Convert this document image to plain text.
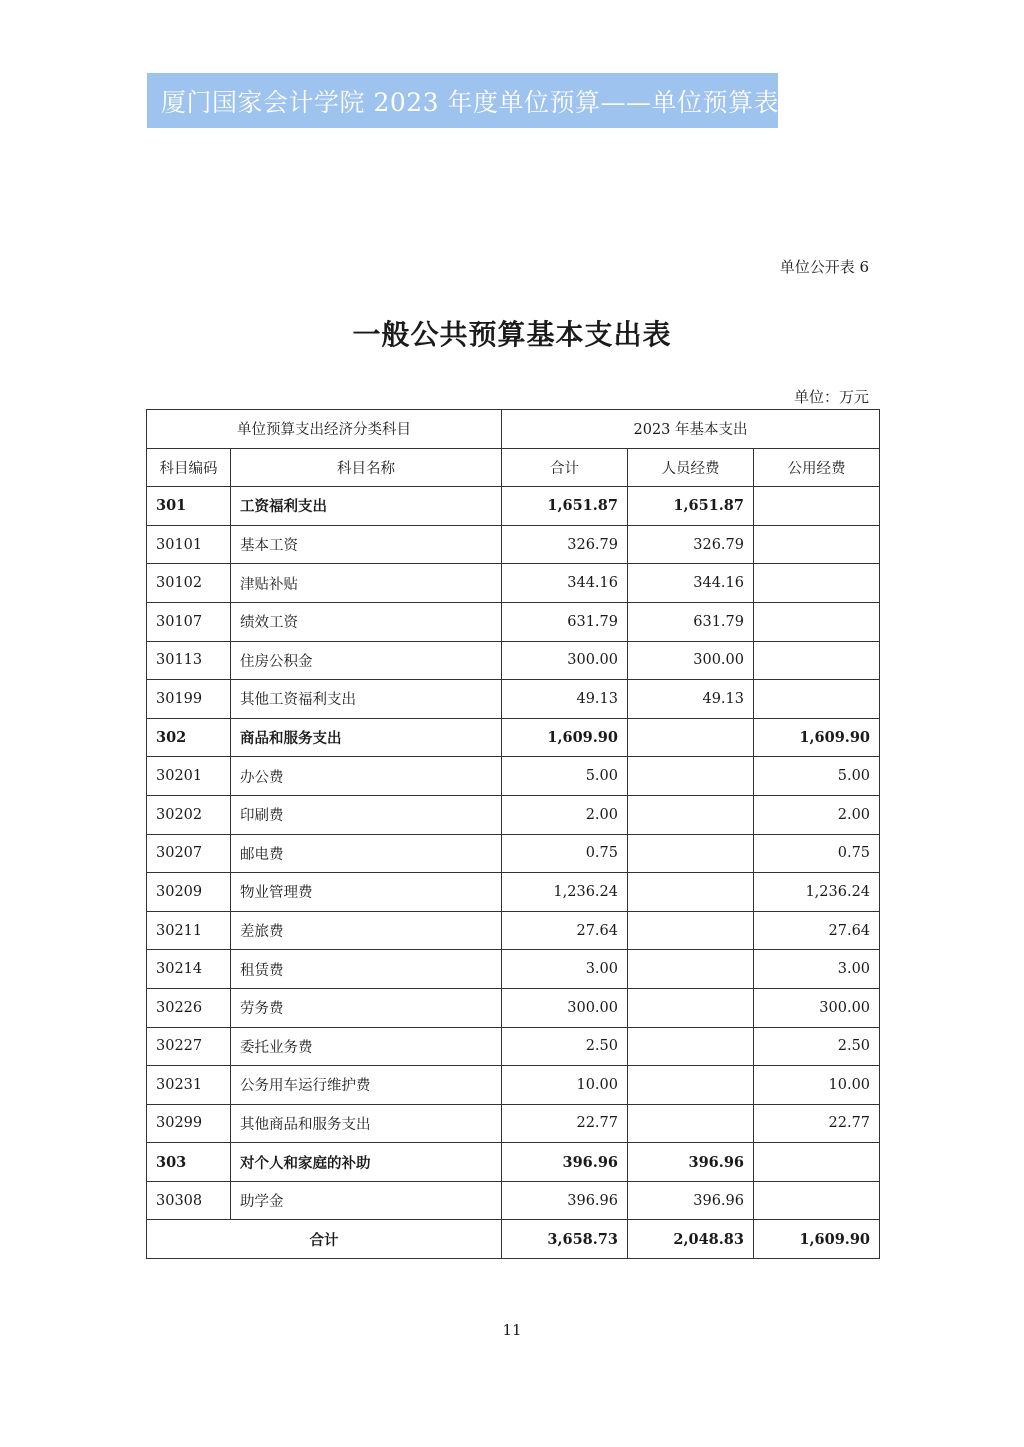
厦门国家会计学院 2023 年度单位预算——单位预算表
单位公开表 6
一般公共预算基本支出表
单位：万元
单位预算支出经济分类科目		2023 年基本支出		
科目编码	科目名称	合计	人员经费	公用经费
301	工资福利支出	1,651.87	1,651.87	
30101	基本工资	326.79	326.79	
30102	津贴补贴	344.16	344.16	
30107	绩效工资	631.79	631.79	
30113	住房公积金	300.00	300.00	
30199	其他工资福利支出	49.13	49.13	
302	商品和服务支出	1,609.90		1,609.90
30201	办公费	5.00		5.00
30202	印刷费	2.00		2.00
30207	邮电费	0.75		0.75
30209	物业管理费	1,236.24		1,236.24
30211	差旅费	27.64		27.64
30214	租赁费	3.00		3.00
30226	劳务费	300.00		300.00
30227	委托业务费	2.50		2.50
30231	公务用车运行维护费	10.00		10.00
30299	其他商品和服务支出	22.77		22.77
303	对个人和家庭的补助	396.96	396.96	
30308	助学金	396.96	396.96	
合计		3,658.73	2,048.83	1,609.90
11
